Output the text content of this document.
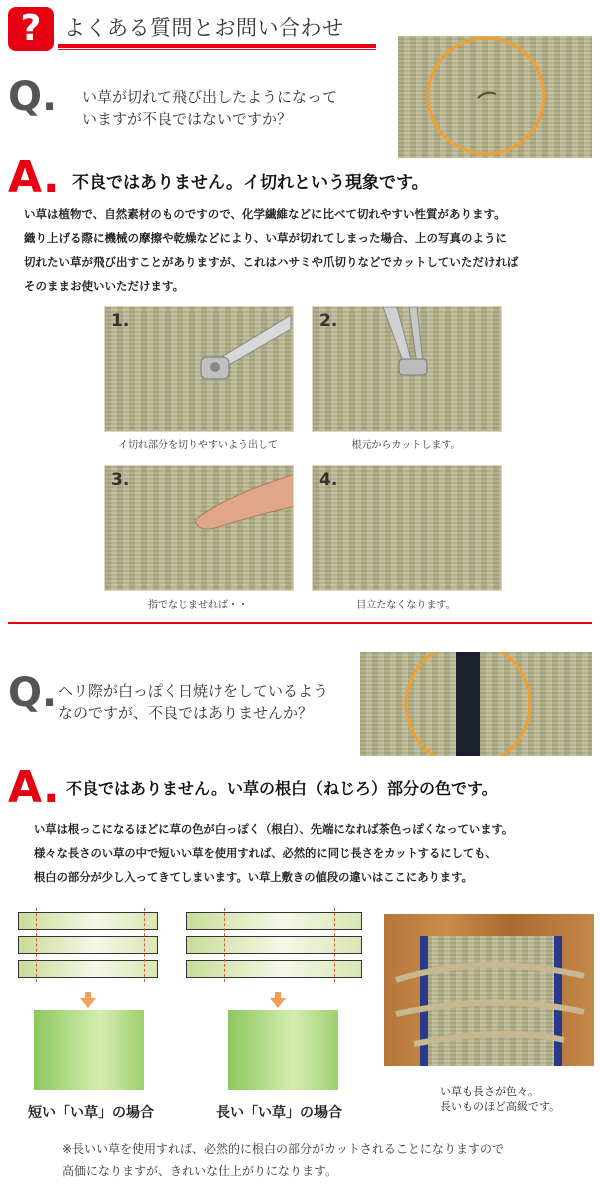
?	よくある質問とお問い合わせ
Q. い草が切れて飛び出したようになって
いますが不良ではないですか？
A. 不良ではありません。イ切れという現象です。
い草は植物で、自然素材のものですので、化学繊維などに比べて切れやすい性質があります。
織り上げる際に機械の摩擦や乾燥などにより、い草が切れてしまった場合、上の写真のように
切れたい草が飛び出すことがありますが、これはハサミや爪切りなどでカットしていただければ
そのままお使いいただけます。
1.
イ切れ部分を切りやすいよう出して
2.
根元からカットします。
3.
指でなじませれば・・
4.
目立たなくなります。
Q. ヘリ際が白っぽく日焼けをしているよう
なのですが、不良ではありませんか？
A. 不良ではありません。い草の根白（ねじろ）部分の色です。
い草は根っこになるほどに草の色が白っぽく（根白）、先端になれば茶色っぽくなっています。
様々な長さのい草の中で短いい草を使用すれば、必然的に同じ長さをカットするにしても、
根白の部分が少し入ってきてしまいます。い草上敷きの値段の違いはここにあります。
短い「い草」の場合	長い「い草」の場合
い草も長さが色々。
長いものほど高級です。
※長いい草を使用すれば、必然的に根白の部分がカットされることになりますので
高価になりますが、きれいな仕上がりになります。
